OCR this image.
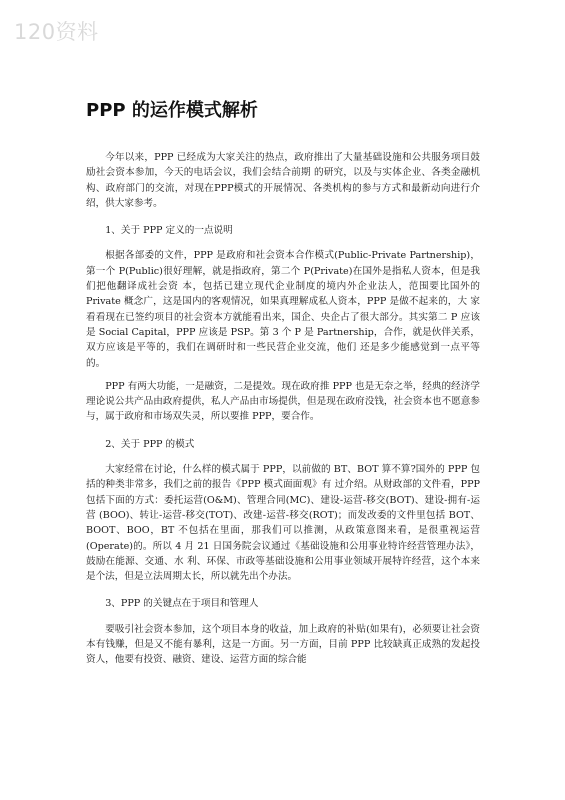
120资料
PPP 的运作模式解析

今年以来，PPP 已经成为大家关注的热点，政府推出了大量基础设施和公共服务项目鼓励社会资本参加，今天的电话会议，我们会结合前期 的研究，以及与实体企业、各类金融机构、政府部门的交流，对现在PPP模式的开展情况、各类机构的参与方式和最新动向进行介绍，供大家参考。

1、关于 PPP 定义的一点说明

根据各部委的文件，PPP 是政府和社会资本合作模式(Public-Private Partnership)，第一个 P(Public)很好理解，就是指政府，第二个 P(Private)在国外是指私人资本，但是我们把他翻译成社会资 本，包括已建立现代企业制度的境内外企业法人，范围要比国外的 Private 概念广，这是国内的客观情况，如果真理解成私人资本，PPP 是做不起来的，大 家看看现在已签约项目的社会资本方就能看出来，国企、央企占了很大部分。其实第二 P 应该是 Social Capital，PPP 应该是 PSP。第 3 个 P 是 Partnership，合作，就是伙伴关系，双方应该是平等的，我们在调研时和一些民营企业交流，他们 还是多少能感觉到一点平等的。

PPP 有两大功能，一是融资，二是提效。现在政府推 PPP 也是无奈之举，经典的经济学理论说公共产品由政府提供，私人产品由市场提供，但是现在政府没钱，社会资本也不愿意参与，属于政府和市场双失灵，所以要推 PPP，要合作。

2、关于 PPP 的模式

大家经常在讨论，什么样的模式属于 PPP，以前做的 BT、BOT 算不算?国外的 PPP 包括的种类非常多，我们之前的报告《PPP 模式面面观》有 过介绍。从财政部的文件看，PPP 包括下面的方式：委托运营(O&M)、管理合同(MC)、建设-运营-移交(BOT)、建设-拥有-运营 (BOO)、转让-运营-移交(TOT)、改建-运营-移交(ROT)；而发改委的文件里包括 BOT、BOOT、BOO，BT 不包括在里面，那我们可以推测，从政策意图来看，是很重视运营(Operate)的。所以 4 月 21 日国务院会议通过《基础设施和公用事业特许经营管理办法》，鼓励在能源、交通、水 利、环保、市政等基础设施和公用事业领域开展特许经营，这个本来是个法，但是立法周期太长，所以就先出个办法。

3、PPP 的关键点在于项目和管理人

要吸引社会资本参加，这个项目本身的收益，加上政府的补贴(如果有)，必须要让社会资本有钱赚，但是又不能有暴利，这是一方面。另一方面，目前 PPP 比较缺真正成熟的发起投资人，他要有投资、融资、建设、运营方面的综合能
